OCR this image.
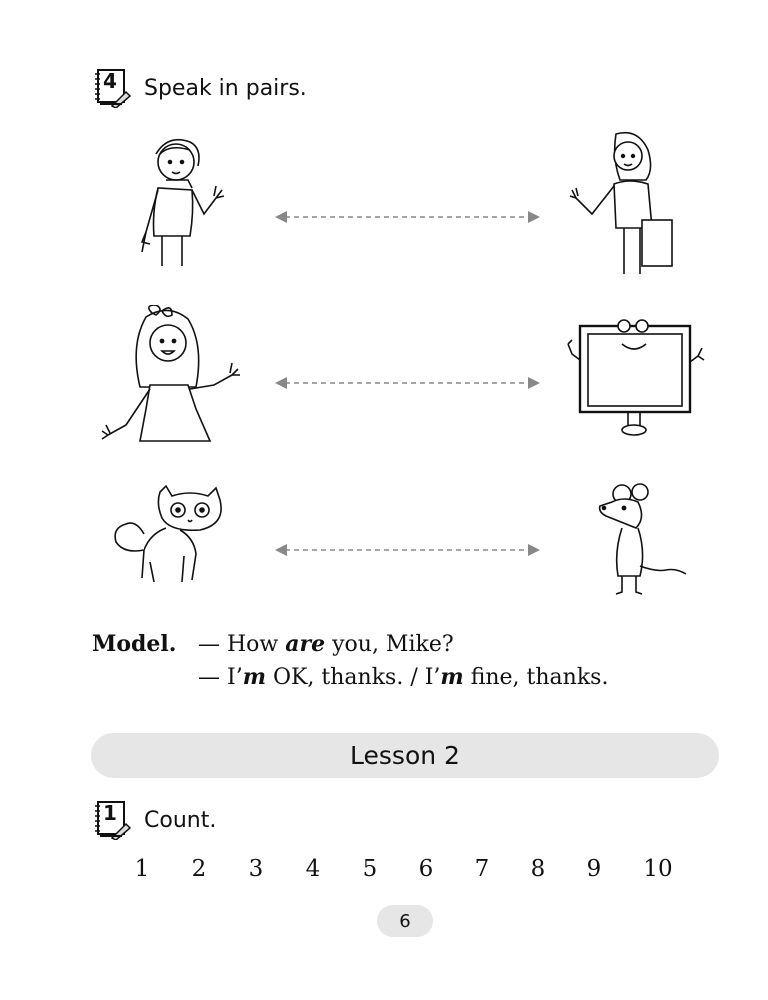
4 Speak in pairs.
Model. — How are you, Mike?
— I’m OK, thanks. / I’m fine, thanks.
Lesson 2
1 Count.
1	2	3	4	5	6	7	8	9	10
6
